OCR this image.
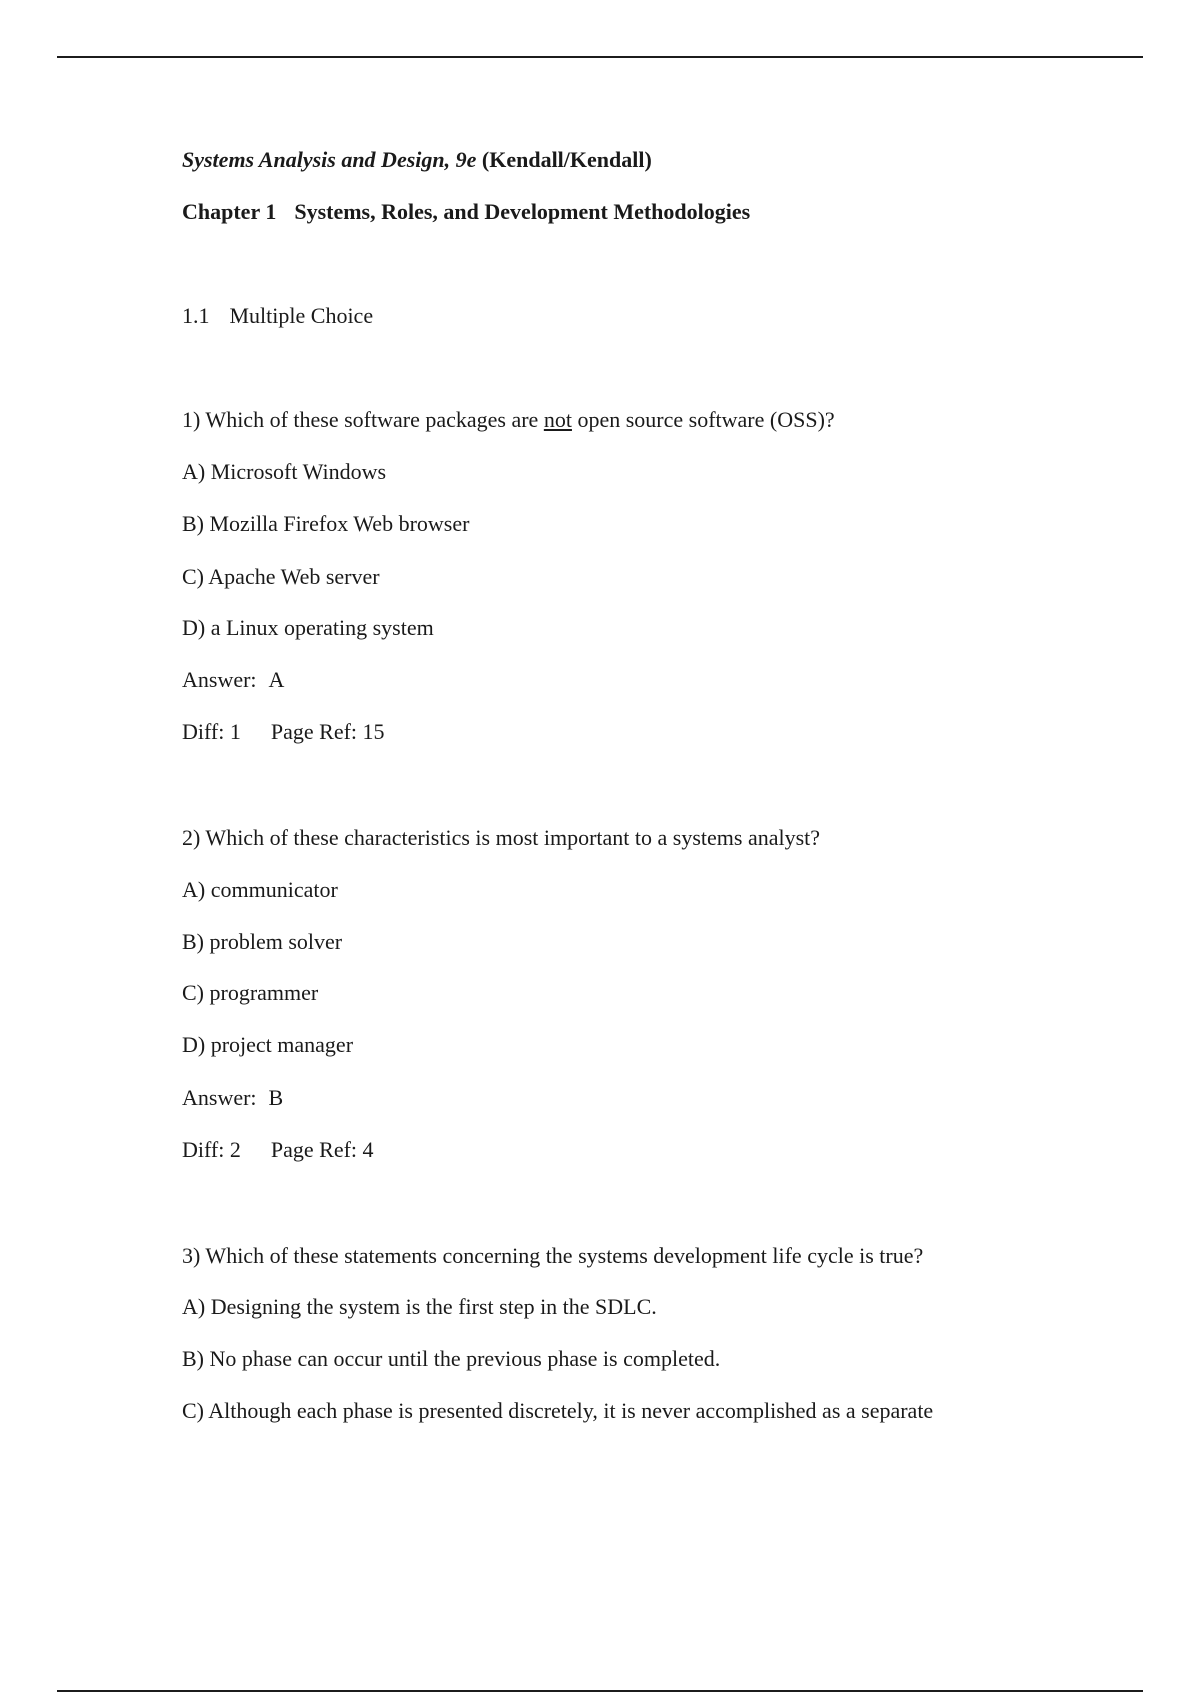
Systems Analysis and Design, 9e (Kendall/Kendall)
Chapter 1 Systems, Roles, and Development Methodologies
1.1 Multiple Choice
1) Which of these software packages are not open source software (OSS)?
A) Microsoft Windows
B) Mozilla Firefox Web browser
C) Apache Web server
D) a Linux operating system
Answer: A
Diff: 1 Page Ref: 15
2) Which of these characteristics is most important to a systems analyst?
A) communicator
B) problem solver
C) programmer
D) project manager
Answer: B
Diff: 2 Page Ref: 4
3) Which of these statements concerning the systems development life cycle is true?
A) Designing the system is the first step in the SDLC.
B) No phase can occur until the previous phase is completed.
C) Although each phase is presented discretely, it is never accomplished as a separate
